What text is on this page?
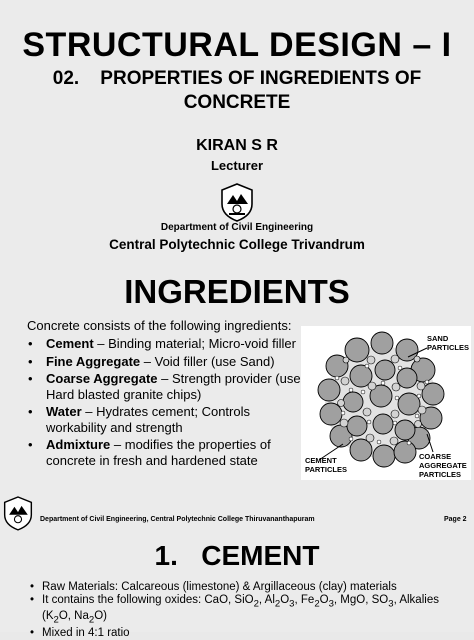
STRUCTURAL DESIGN – I
02.    PROPERTIES OF INGREDIENTS OF
CONCRETE
KIRAN S R
Lecturer
Department of Civil Engineering
Central Polytechnic College Trivandrum
INGREDIENTS
Concrete consists of the following ingredients:
• Cement – Binding material; Micro-void filler
• Fine Aggregate – Void filler (use Sand)
• Coarse Aggregate – Strength provider (use Hard blasted granite chips)
• Water – Hydrates cement; Controls workability and strength
• Admixture – modifies the properties of concrete in fresh and hardened state
SAND
PARTICLES
CEMENT
PARTICLES
COARSE
AGGREGATE
PARTICLES
Department of Civil Engineering, Central Polytechnic College Thiruvananthapuram	Page 2
1.   CEMENT
• Raw Materials: Calcareous (limestone) & Argillaceous (clay) materials
• It contains the following oxides: CaO, SiO$_2$, $Al_2O_3$, $Fe_2O_3$, MgO, $SO_3$, Alkalies ($K_2O$, $Na_2O$)
• Mixed in 4:1 ratio
